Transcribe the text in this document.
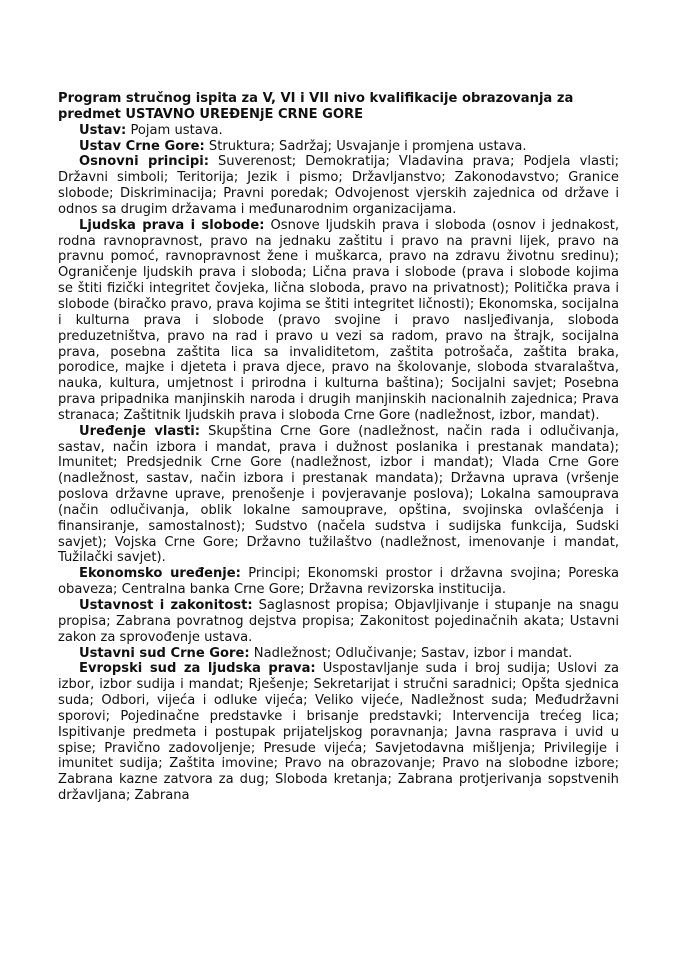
Program stručnog ispita za V, VI i VII nivo kvalifikacije obrazovanja za predmet USTAVNO UREĐENjE CRNE GORE

Ustav: Pojam ustava.

Ustav Crne Gore: Struktura; Sadržaj; Usvajanje i promjena ustava.

Osnovni principi: Suverenost; Demokratija; Vladavina prava; Podjela vlasti; Državni simboli; Teritorija; Jezik i pismo; Državljanstvo; Zakonodavstvo; Granice slobode; Diskriminacija; Pravni poredak; Odvojenost vjerskih zajednica od države i odnos sa drugim državama i međunarodnim organizacijama.

Ljudska prava i slobode: Osnove ljudskih prava i sloboda (osnov i jednakost, rodna ravnopravnost, pravo na jednaku zaštitu i pravo na pravni lijek, pravo na pravnu pomoć, ravnopravnost žene i muškarca, pravo na zdravu životnu sredinu); Ograničenje ljudskih prava i sloboda; Lična prava i slobode (prava i slobode kojima se štiti fizički integritet čovjeka, lična sloboda, pravo na privatnost); Politička prava i slobode (biračko pravo, prava kojima se štiti integritet ličnosti); Ekonomska, socijalna i kulturna prava i slobode (pravo svojine i pravo nasljeđivanja, sloboda preduzetništva, pravo na rad i pravo u vezi sa radom, pravo na štrajk, socijalna prava, posebna zaštita lica sa invaliditetom, zaštita potrošača, zaštita braka, porodice, majke i djeteta i prava djece, pravo na školovanje, sloboda stvaralaštva, nauka, kultura, umjetnost i prirodna i kulturna baština); Socijalni savjet; Posebna prava pripadnika manjinskih naroda i drugih manjinskih nacionalnih zajednica; Prava stranaca; Zaštitnik ljudskih prava i sloboda Crne Gore (nadležnost, izbor, mandat).

Uređenje vlasti: Skupština Crne Gore (nadležnost, način rada i odlučivanja, sastav, način izbora i mandat, prava i dužnost poslanika i prestanak mandata); Imunitet; Predsjednik Crne Gore (nadležnost, izbor i mandat); Vlada Crne Gore (nadležnost, sastav, način izbora i prestanak mandata); Državna uprava (vršenje poslova državne uprave, prenošenje i povjeravanje poslova); Lokalna samouprava (način odlučivanja, oblik lokalne samouprave, opština, svojinska ovlašćenja i finansiranje, samostalnost); Sudstvo (načela sudstva i sudijska funkcija, Sudski savjet); Vojska Crne Gore; Državno tužilaštvo (nadležnost, imenovanje i mandat, Tužilački savjet).

Ekonomsko uređenje: Principi; Ekonomski prostor i državna svojina; Poreska obaveza; Centralna banka Crne Gore; Državna revizorska institucija.

Ustavnost i zakonitost: Saglasnost propisa; Objavljivanje i stupanje na snagu propisa; Zabrana povratnog dejstva propisa; Zakonitost pojedinačnih akata; Ustavni zakon za sprovođenje ustava.

Ustavni sud Crne Gore: Nadležnost; Odlučivanje; Sastav, izbor i mandat.

Evropski sud za ljudska prava: Uspostavljanje suda i broj sudija; Uslovi za izbor, izbor sudija i mandat; Rješenje; Sekretarijat i stručni saradnici; Opšta sjednica suda; Odbori, vijeća i odluke vijeća; Veliko vijeće, Nadležnost suda; Međudržavni sporovi; Pojedinačne predstavke i brisanje predstavki; Intervencija trećeg lica; Ispitivanje predmeta i postupak prijateljskog poravnanja; Javna rasprava i uvid u spise; Pravično zadovoljenje; Presude vijeća; Savjetodavna mišljenja; Privilegije i imunitet sudija; Zaštita imovine; Pravo na obrazovanje; Pravo na slobodne izbore; Zabrana kazne zatvora za dug; Sloboda kretanja; Zabrana protjerivanja sopstvenih državljana; Zabrana
